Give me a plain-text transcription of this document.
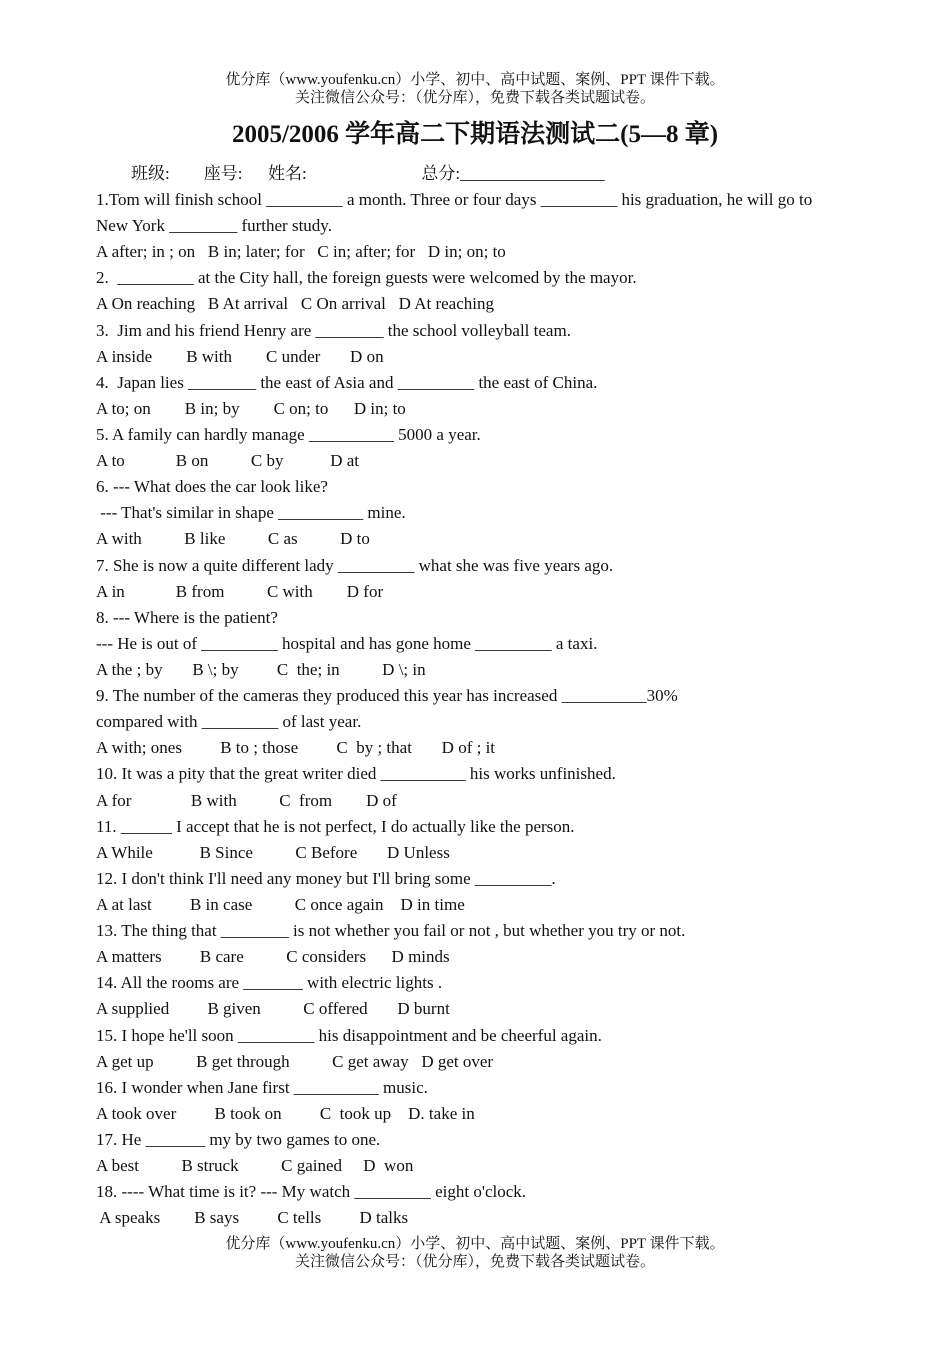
优分库（www.youfenku.cn）小学、初中、高中试题、案例、PPT 课件下载。
关注微信公众号：（优分库），免费下载各类试题试卷。
2005/2006 学年高二下期语法测试二(5—8 章)
班级:        座号:      姓名:                           总分:_________________
1.Tom will finish school _________ a month. Three or four days _________ his graduation, he will go to
New York ________ further study.
A after; in ; on   B in; later; for   C in; after; for   D in; on; to
2.  _________ at the City hall, the foreign guests were welcomed by the mayor.
A On reaching   B At arrival   C On arrival   D At reaching
3.  Jim and his friend Henry are ________ the school volleyball team.
A inside        B with        C under       D on
4.  Japan lies ________ the east of Asia and _________ the east of China.
A to; on        B in; by        C on; to      D in; to
5. A family can hardly manage __________ 5000 a year.
A to            B on          C by           D at
6. --- What does the car look like?
--- That's similar in shape __________ mine.
A with          B like          C as          D to
7. She is now a quite different lady _________ what she was five years ago.
A in            B from          C with        D for
8. --- Where is the patient?
--- He is out of _________ hospital and has gone home _________ a taxi.
A the ; by       B \; by         C  the; in          D \; in
9. The number of the cameras they produced this year has increased __________30%
compared with _________ of last year.
A with; ones         B to ; those         C  by ; that       D of ; it
10. It was a pity that the great writer died __________ his works unfinished.
A for              B with          C  from        D of
11. ______ I accept that he is not perfect, I do actually like the person.
A While           B Since          C Before       D Unless
12. I don't think I'll need any money but I'll bring some _________.
A at last         B in case          C once again    D in time
13. The thing that ________ is not whether you fail or not , but whether you try or not.
A matters         B care          C considers      D minds
14. All the rooms are _______ with electric lights .
A supplied         B given          C offered       D burnt
15. I hope he'll soon _________ his disappointment and be cheerful again.
A get up          B get through          C get away   D get over
16. I wonder when Jane first __________ music.
A took over         B took on         C  took up    D. take in
17. He _______ my by two games to one.
A best          B struck          C gained     D  won
18. ---- What time is it? --- My watch _________ eight o'clock.
A speaks        B says         C tells         D talks
优分库（www.youfenku.cn）小学、初中、高中试题、案例、PPT 课件下载。
关注微信公众号：（优分库），免费下载各类试题试卷。
